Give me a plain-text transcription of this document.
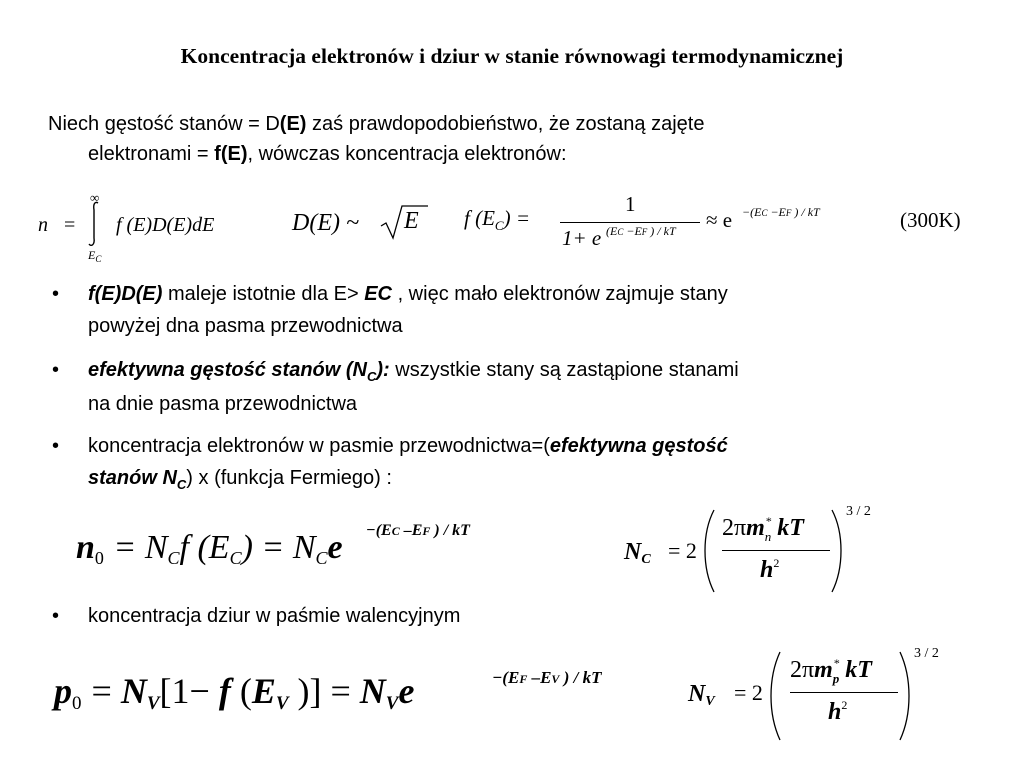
Koncentracja elektronów i dziur w stanie równowagi termodynamicznej
Niech gęstość stanów = D(E) zaś prawdopodobieństwo, że zostaną zajęte
elektronami = f(E), wówczas koncentracja elektronów:
n =
∞
$E_C$
f (E)D(E)dE	D(E) ~ E f $(E_C)$ =
1
1+ e (EC −EF ) / kT ≈ e −(EC −EF ) / kT	(300K)
• f(E)D(E) maleje istotnie dla E> EC , więc mało elektronów zajmuje stany
powyżej dna pasma przewodnictwa
• efektywna gęstość stanów $(N_C)$: wszystkie stany są zastąpione stanami
na dnie pasma przewodnictwa
• koncentracja elektronów w pasmie przewodnictwa=(efektywna gęstość
stanów $N_C$) x (funkcja Fermiego) :
n0 = NCf (EC) = NCe −(EC –EF ) / kT
NC = 2
$2\pi m_n^*$ kT
$h^2$
3 / 2
• koncentracja dziur w paśmie walencyjnym
p0 = NV[1− f (EV )] = NVe	−(EF –EV ) / kT
NV = 2
$2\pi m_p^*$ kT
$h^2$
3 / 2
